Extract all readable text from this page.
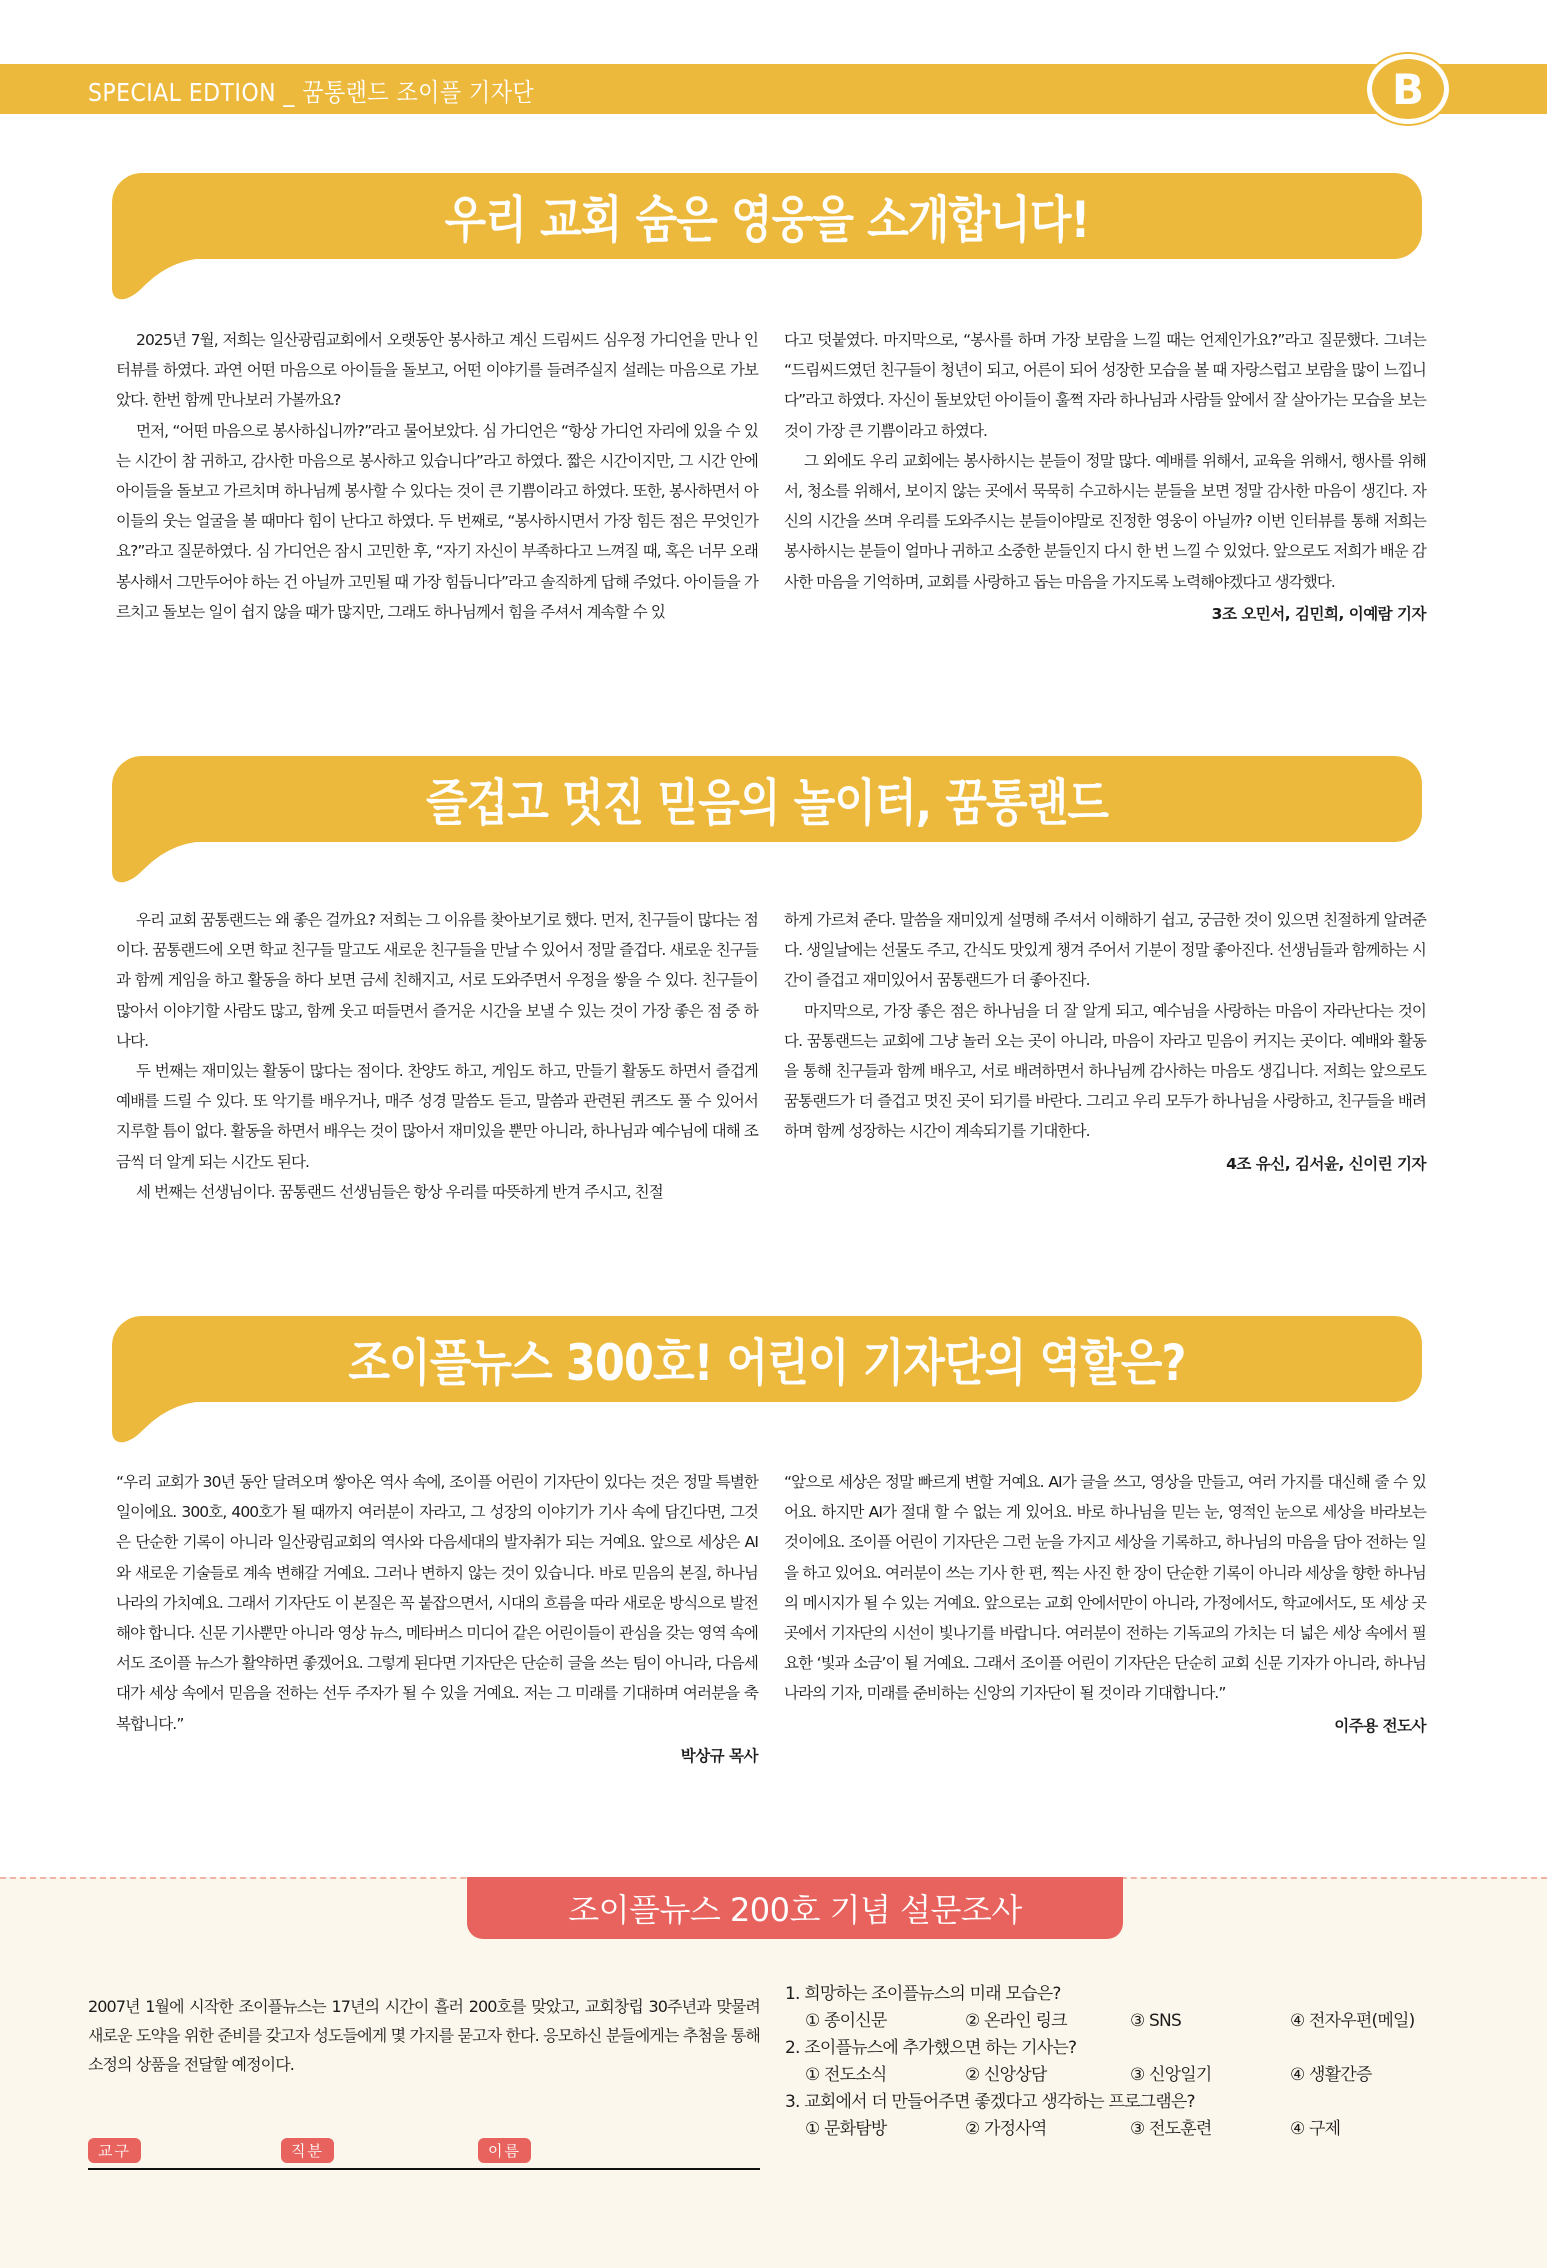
SPECIAL EDTION _ 꿈통랜드 조이플 기자단	B
우리 교회 숨은 영웅을 소개합니다!

2025년 7월, 저희는 일산광림교회에서 오랫동안 봉사하고 계신 드림씨드 심우정 가디언을 만나 인터뷰를 하였다. 과연 어떤 마음으로 아이들을 돌보고, 어떤 이야기를 들려주실지 설레는 마음으로 가보았다. 한번 함께 만나보러 가볼까요?

먼저, “어떤 마음으로 봉사하십니까?”라고 물어보았다. 심 가디언은 “항상 가디언 자리에 있을 수 있는 시간이 참 귀하고, 감사한 마음으로 봉사하고 있습니다”라고 하였다. 짧은 시간이지만, 그 시간 안에 아이들을 돌보고 가르치며 하나님께 봉사할 수 있다는 것이 큰 기쁨이라고 하였다. 또한, 봉사하면서 아이들의 웃는 얼굴을 볼 때마다 힘이 난다고 하였다. 두 번째로, “봉사하시면서 가장 힘든 점은 무엇인가요?”라고 질문하였다. 심 가디언은 잠시 고민한 후, “자기 자신이 부족하다고 느껴질 때, 혹은 너무 오래 봉사해서 그만두어야 하는 건 아닐까 고민될 때 가장 힘듭니다”라고 솔직하게 답해 주었다. 아이들을 가르치고 돌보는 일이 쉽지 않을 때가 많지만, 그래도 하나님께서 힘을 주셔서 계속할 수 있

다고 덧붙였다. 마지막으로, “봉사를 하며 가장 보람을 느낄 때는 언제인가요?”라고 질문했다. 그녀는 “드림씨드였던 친구들이 청년이 되고, 어른이 되어 성장한 모습을 볼 때 자랑스럽고 보람을 많이 느낍니다”라고 하였다. 자신이 돌보았던 아이들이 훌쩍 자라 하나님과 사람들 앞에서 잘 살아가는 모습을 보는 것이 가장 큰 기쁨이라고 하였다.

그 외에도 우리 교회에는 봉사하시는 분들이 정말 많다. 예배를 위해서, 교육을 위해서, 행사를 위해서, 청소를 위해서, 보이지 않는 곳에서 묵묵히 수고하시는 분들을 보면 정말 감사한 마음이 생긴다. 자신의 시간을 쓰며 우리를 도와주시는 분들이야말로 진정한 영웅이 아닐까? 이번 인터뷰를 통해 저희는 봉사하시는 분들이 얼마나 귀하고 소중한 분들인지 다시 한 번 느낄 수 있었다. 앞으로도 저희가 배운 감사한 마음을 기억하며, 교회를 사랑하고 돕는 마음을 가지도록 노력해야겠다고 생각했다.

3조 오민서, 김민희, 이예람 기자

즐겁고 멋진 믿음의 놀이터, 꿈통랜드

우리 교회 꿈통랜드는 왜 좋은 걸까요? 저희는 그 이유를 찾아보기로 했다. 먼저, 친구들이 많다는 점이다. 꿈통랜드에 오면 학교 친구들 말고도 새로운 친구들을 만날 수 있어서 정말 즐겁다. 새로운 친구들과 함께 게임을 하고 활동을 하다 보면 금세 친해지고, 서로 도와주면서 우정을 쌓을 수 있다. 친구들이 많아서 이야기할 사람도 많고, 함께 웃고 떠들면서 즐거운 시간을 보낼 수 있는 것이 가장 좋은 점 중 하나다.

두 번째는 재미있는 활동이 많다는 점이다. 찬양도 하고, 게임도 하고, 만들기 활동도 하면서 즐겁게 예배를 드릴 수 있다. 또 악기를 배우거나, 매주 성경 말씀도 듣고, 말씀과 관련된 퀴즈도 풀 수 있어서 지루할 틈이 없다. 활동을 하면서 배우는 것이 많아서 재미있을 뿐만 아니라, 하나님과 예수님에 대해 조금씩 더 알게 되는 시간도 된다.

세 번째는 선생님이다. 꿈통랜드 선생님들은 항상 우리를 따뜻하게 반겨 주시고, 친절

하게 가르쳐 준다. 말씀을 재미있게 설명해 주셔서 이해하기 쉽고, 궁금한 것이 있으면 친절하게 알려준다. 생일날에는 선물도 주고, 간식도 맛있게 챙겨 주어서 기분이 정말 좋아진다. 선생님들과 함께하는 시간이 즐겁고 재미있어서 꿈통랜드가 더 좋아진다.

마지막으로, 가장 좋은 점은 하나님을 더 잘 알게 되고, 예수님을 사랑하는 마음이 자라난다는 것이다. 꿈통랜드는 교회에 그냥 놀러 오는 곳이 아니라, 마음이 자라고 믿음이 커지는 곳이다. 예배와 활동을 통해 친구들과 함께 배우고, 서로 배려하면서 하나님께 감사하는 마음도 생깁니다. 저희는 앞으로도 꿈통랜드가 더 즐겁고 멋진 곳이 되기를 바란다. 그리고 우리 모두가 하나님을 사랑하고, 친구들을 배려하며 함께 성장하는 시간이 계속되기를 기대한다.

4조 유신, 김서윤, 신이린 기자

조이플뉴스 300호! 어린이 기자단의 역할은?

“우리 교회가 30년 동안 달려오며 쌓아온 역사 속에, 조이플 어린이 기자단이 있다는 것은 정말 특별한 일이에요. 300호, 400호가 될 때까지 여러분이 자라고, 그 성장의 이야기가 기사 속에 담긴다면, 그것은 단순한 기록이 아니라 일산광림교회의 역사와 다음세대의 발자취가 되는 거예요. 앞으로 세상은 AI와 새로운 기술들로 계속 변해갈 거예요. 그러나 변하지 않는 것이 있습니다. 바로 믿음의 본질, 하나님 나라의 가치예요. 그래서 기자단도 이 본질은 꼭 붙잡으면서, 시대의 흐름을 따라 새로운 방식으로 발전해야 합니다. 신문 기사뿐만 아니라 영상 뉴스, 메타버스 미디어 같은 어린이들이 관심을 갖는 영역 속에서도 조이플 뉴스가 활약하면 좋겠어요. 그렇게 된다면 기자단은 단순히 글을 쓰는 팀이 아니라, 다음세대가 세상 속에서 믿음을 전하는 선두 주자가 될 수 있을 거예요. 저는 그 미래를 기대하며 여러분을 축복합니다.”

박상규 목사

“앞으로 세상은 정말 빠르게 변할 거예요. AI가 글을 쓰고, 영상을 만들고, 여러 가지를 대신해 줄 수 있어요. 하지만 AI가 절대 할 수 없는 게 있어요. 바로 하나님을 믿는 눈, 영적인 눈으로 세상을 바라보는 것이에요. 조이플 어린이 기자단은 그런 눈을 가지고 세상을 기록하고, 하나님의 마음을 담아 전하는 일을 하고 있어요. 여러분이 쓰는 기사 한 편, 찍는 사진 한 장이 단순한 기록이 아니라 세상을 향한 하나님의 메시지가 될 수 있는 거예요. 앞으로는 교회 안에서만이 아니라, 가정에서도, 학교에서도, 또 세상 곳곳에서 기자단의 시선이 빛나기를 바랍니다. 여러분이 전하는 기독교의 가치는 더 넓은 세상 속에서 필요한 ‘빛과 소금’이 될 거예요. 그래서 조이플 어린이 기자단은 단순히 교회 신문 기자가 아니라, 하나님 나라의 기자, 미래를 준비하는 신앙의 기자단이 될 것이라 기대합니다.”

이주용 전도사

조이플뉴스 200호 기념 설문조사
2007년 1월에 시작한 조이플뉴스는 17년의 시간이 흘러 200호를 맞았고, 교회창립 30주년과 맞물려 새로운 도약을 위한 준비를 갖고자 성도들에게 몇 가지를 묻고자 한다. 응모하신 분들에게는 추첨을 통해 소정의 상품을 전달할 예정이다.
교구	직분	이름
1. 희망하는 조이플뉴스의 미래 모습은?
① 종이신문	② 온라인 링크	③ SNS	④ 전자우편(메일)
2. 조이플뉴스에 추가했으면 하는 기사는?
① 전도소식	② 신앙상담	③ 신앙일기	④ 생활간증
3. 교회에서 더 만들어주면 좋겠다고 생각하는 프로그램은?
① 문화탐방	② 가정사역	③ 전도훈련	④ 구제
